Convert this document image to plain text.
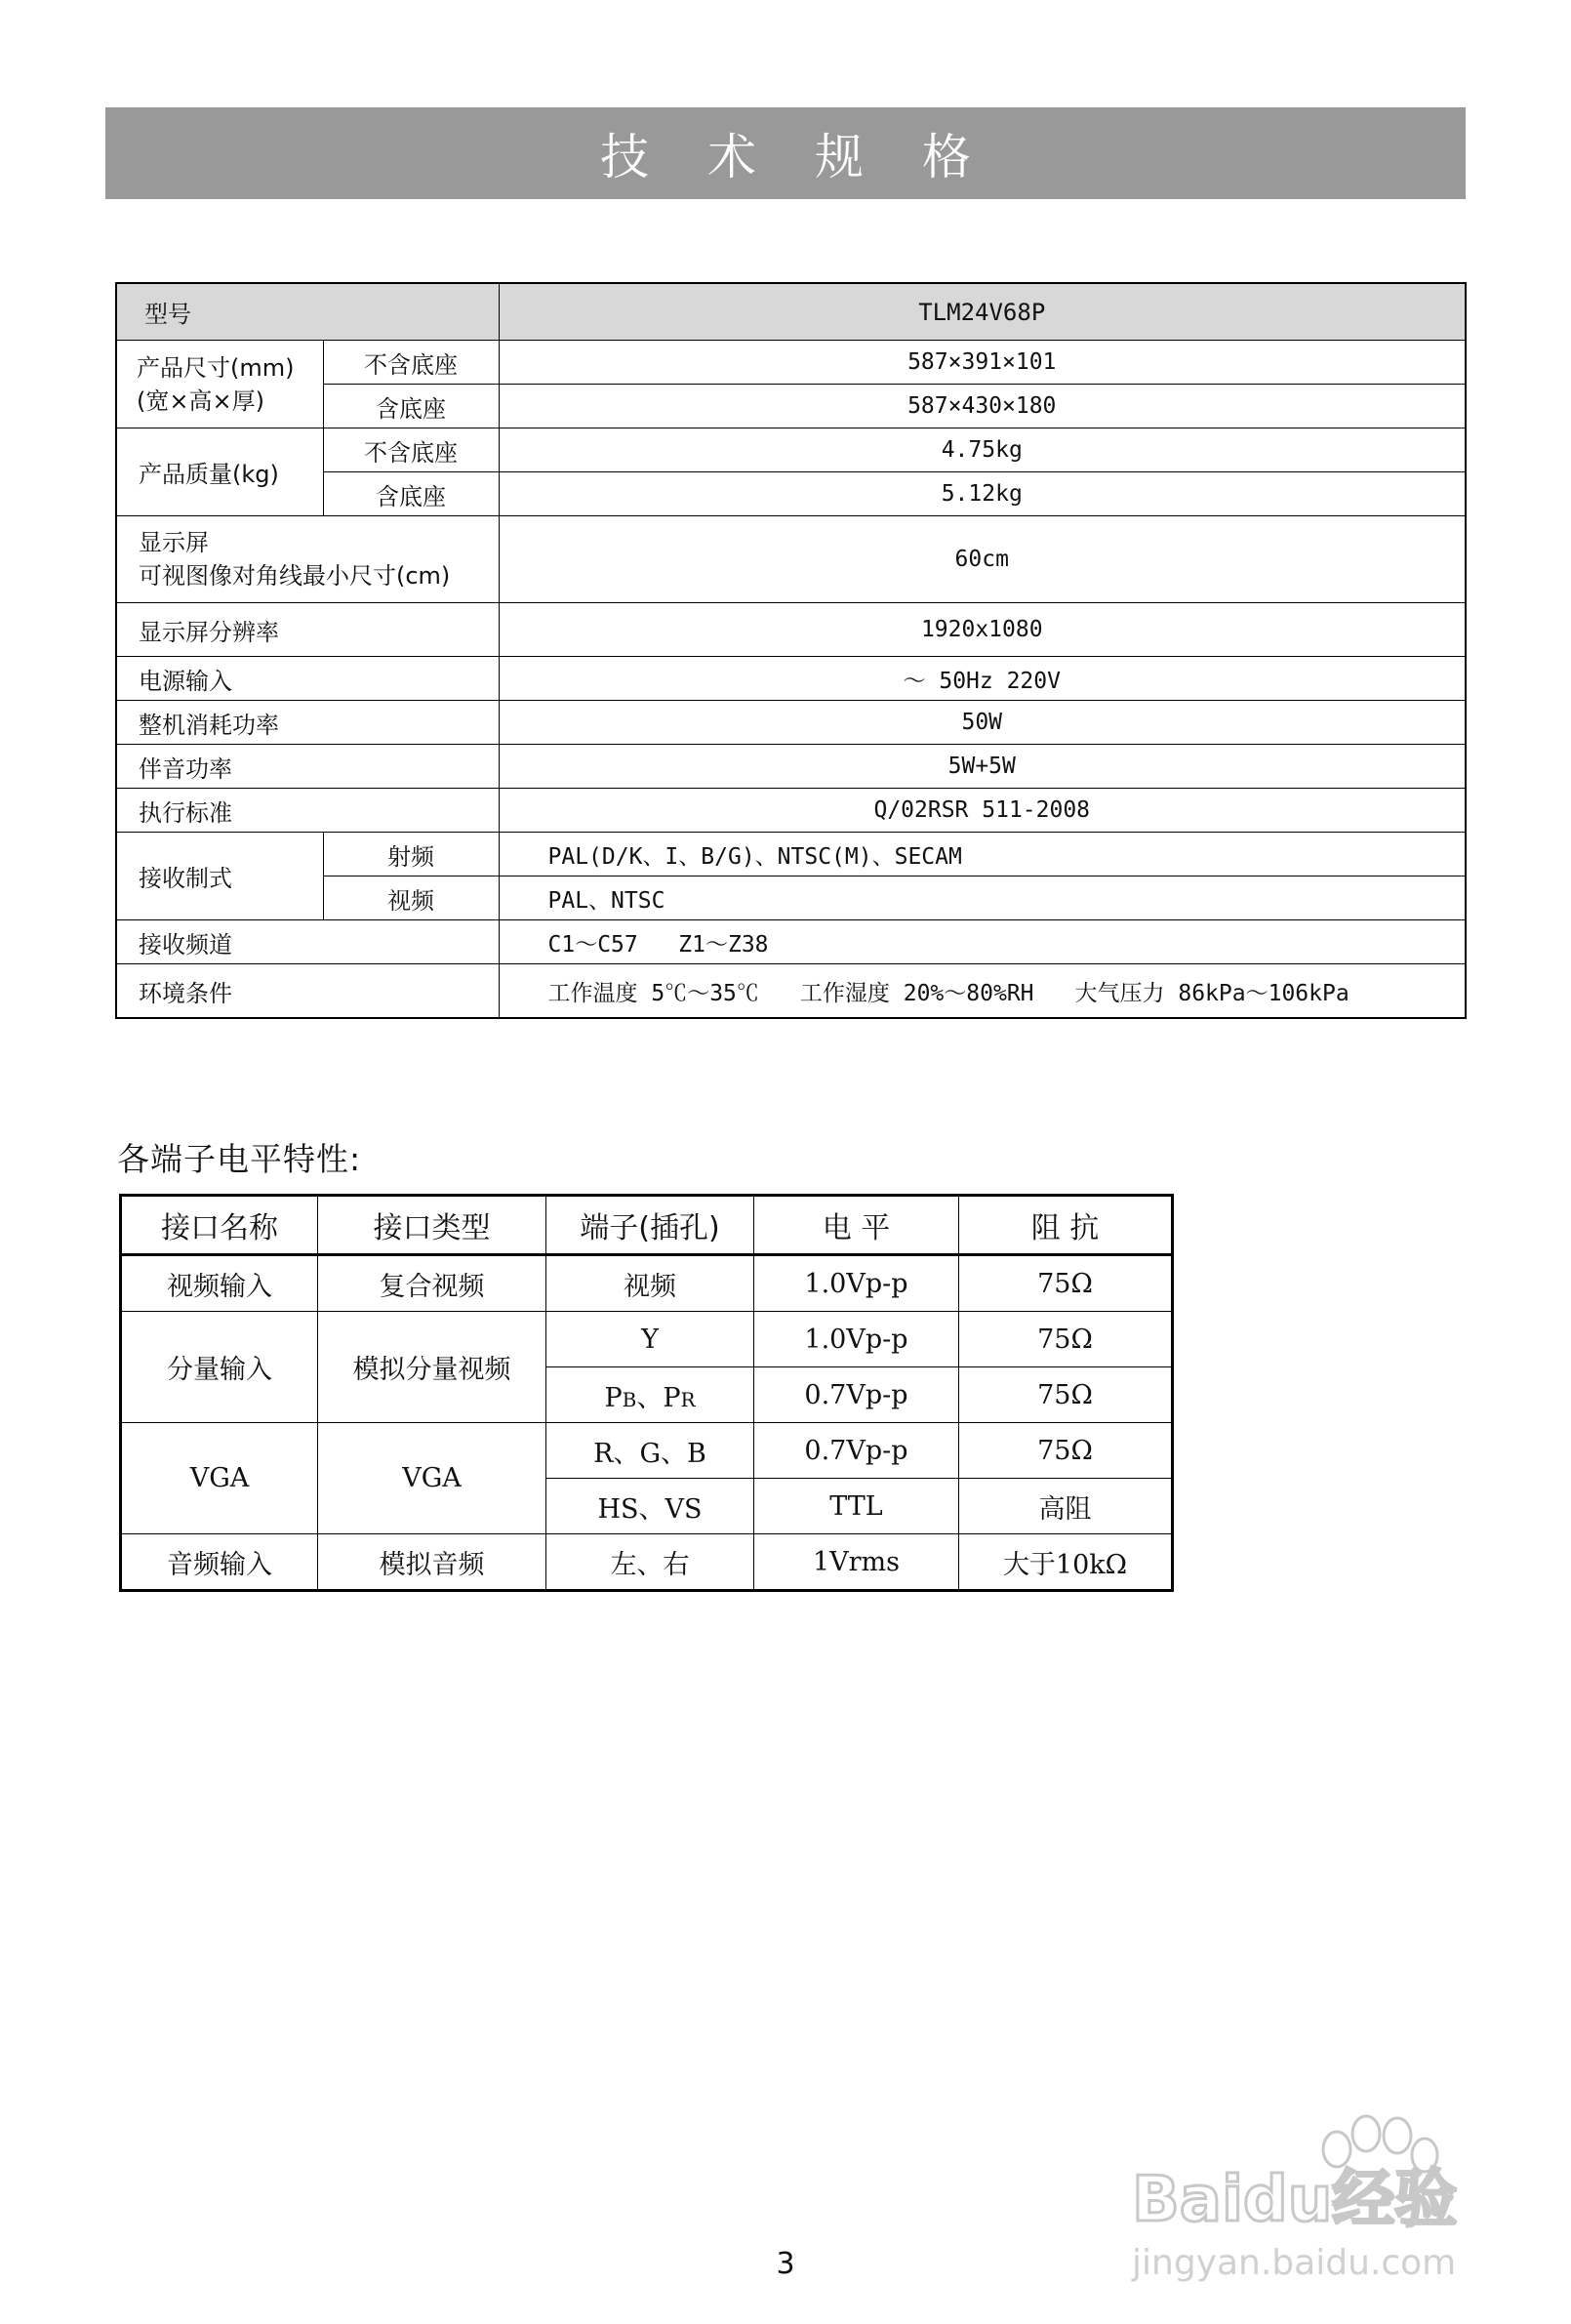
技 术 规 格
型号		TLM24V68P

产品尺寸(mm)
(宽×高×厚)	不含底座	587×391×101
	含底座	587×430×180
产品质量(kg)	不含底座	4.75kg
	含底座	5.12kg

显示屏
可视图像对角线最小尺寸(cm)		60cm
显示屏分辨率		1920x1080
电源输入		～ 50Hz 220V
整机消耗功率		50W
伴音功率		5W+5W
执行标准		Q/02RSR 511-2008
接收制式	射频	PAL(D/K、I、B/G)、NTSC(M)、SECAM
	视频	PAL、NTSC
接收频道		C1～C57   Z1～Z38
环境条件		工作温度 5℃～35℃ 工作湿度 20%～80%RH 大气压力 86kPa～106kPa
各端子电平特性:
接口名称	接口类型	端子(插孔)	电 平	阻 抗
视频输入	复合视频	视频	1.0Vp-p	75Ω
分量输入	模拟分量视频	Y	1.0Vp-p	75Ω
		PB、PR	0.7Vp-p	75Ω
VGA	VGA	R、G、B	0.7Vp-p	75Ω
		HS、VS	TTL	高阻
音频输入	模拟音频	左、右	1Vrms	大于10kΩ
Baidu经验
jingyan.baidu.com
3
